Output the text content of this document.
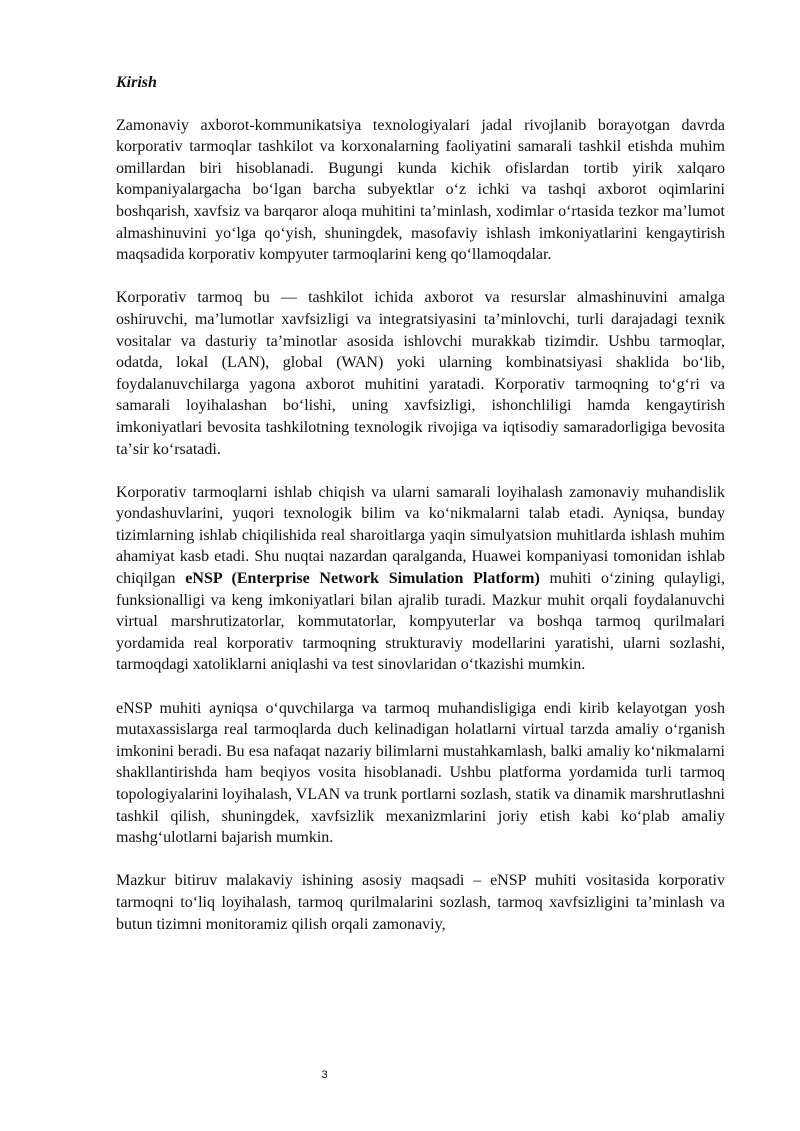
Kirish

Zamonaviy axborot-kommunikatsiya texnologiyalari jadal rivojlanib borayotgan davrda korporativ tarmoqlar tashkilot va korxonalarning faoliyatini samarali tashkil etishda muhim omillardan biri hisoblanadi. Bugungi kunda kichik ofislardan tortib yirik xalqaro kompaniyalargacha boʻlgan barcha subyektlar oʻz ichki va tashqi axborot oqimlarini boshqarish, xavfsiz va barqaror aloqa muhitini taʼminlash, xodimlar oʻrtasida tezkor maʼlumot almashinuvini yoʻlga qoʻyish, shuningdek, masofaviy ishlash imkoniyatlarini kengaytirish maqsadida korporativ kompyuter tarmoqlarini keng qoʻllamoqdalar.

Korporativ tarmoq bu — tashkilot ichida axborot va resurslar almashinuvini amalga oshiruvchi, maʼlumotlar xavfsizligi va integratsiyasini taʼminlovchi, turli darajadagi texnik vositalar va dasturiy taʼminotlar asosida ishlovchi murakkab tizimdir. Ushbu tarmoqlar, odatda, lokal (LAN), global (WAN) yoki ularning kombinatsiyasi shaklida boʻlib, foydalanuvchilarga yagona axborot muhitini yaratadi. Korporativ tarmoqning toʻgʻri va samarali loyihalashan boʻlishi, uning xavfsizligi, ishonchliligi hamda kengaytirish imkoniyatlari bevosita tashkilotning texnologik rivojiga va iqtisodiy samaradorligiga bevosita taʼsir koʻrsatadi.

Korporativ tarmoqlarni ishlab chiqish va ularni samarali loyihalash zamonaviy muhandislik yondashuvlarini, yuqori texnologik bilim va koʻnikmalarni talab etadi. Ayniqsa, bunday tizimlarning ishlab chiqilishida real sharoitlarga yaqin simulyatsion muhitlarda ishlash muhim ahamiyat kasb etadi. Shu nuqtai nazardan qaralganda, Huawei kompaniyasi tomonidan ishlab chiqilgan eNSP (Enterprise Network Simulation Platform) muhiti oʻzining qulayligi, funksionalligi va keng imkoniyatlari bilan ajralib turadi. Mazkur muhit orqali foydalanuvchi virtual marshrutizatorlar, kommutatorlar, kompyuterlar va boshqa tarmoq qurilmalari yordamida real korporativ tarmoqning strukturaviy modellarini yaratishi, ularni sozlashi, tarmoqdagi xatoliklarni aniqlashi va test sinovlaridan oʻtkazishi mumkin.

eNSP muhiti ayniqsa oʻquvchilarga va tarmoq muhandisligiga endi kirib kelayotgan yosh mutaxassislarga real tarmoqlarda duch kelinadigan holatlarni virtual tarzda amaliy oʻrganish imkonini beradi. Bu esa nafaqat nazariy bilimlarni mustahkamlash, balki amaliy koʻnikmalarni shakllantirishda ham beqiyos vosita hisoblanadi. Ushbu platforma yordamida turli tarmoq topologiyalarini loyihalash, VLAN va trunk portlarni sozlash, statik va dinamik marshrutlashni tashkil qilish, shuningdek, xavfsizlik mexanizmlarini joriy etish kabi koʻplab amaliy mashgʻulotlarni bajarish mumkin.

Mazkur bitiruv malakaviy ishining asosiy maqsadi – eNSP muhiti vositasida korporativ tarmoqni toʻliq loyihalash, tarmoq qurilmalarini sozlash, tarmoq xavfsizligini taʼminlash va butun tizimni monitoramiz qilish orqali zamonaviy,

3
